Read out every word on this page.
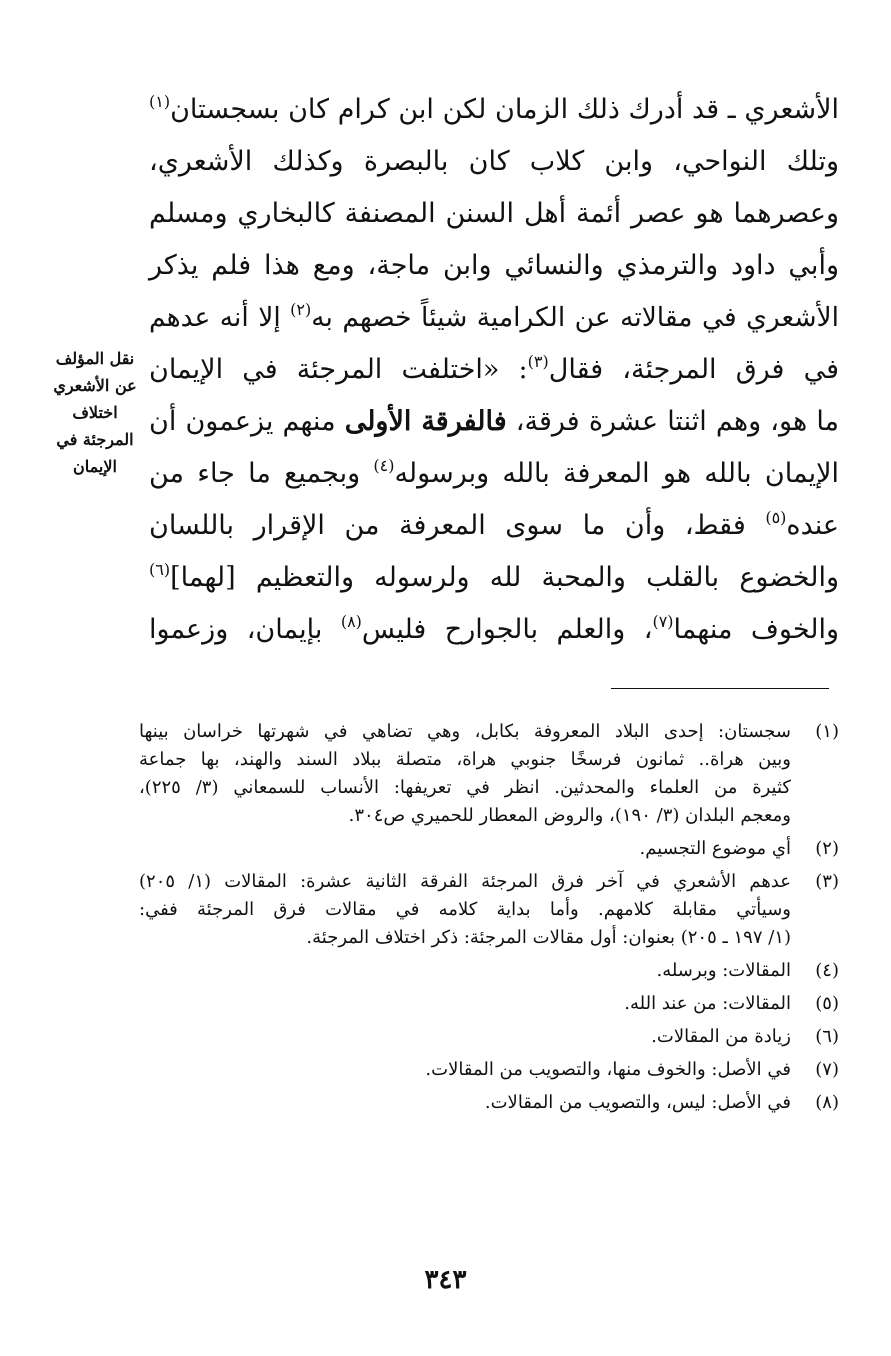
الأشعري ـ قد أدرك ذلك الزمان لكن ابن كرام كان بسجستان$^{(١)}$
وتلك النواحي، وابن كلاب كان بالبصرة وكذلك الأشعري،
وعصرهما هو عصر أئمة أهل السنن المصنفة كالبخاري ومسلم
وأبي داود والترمذي والنسائي وابن ماجة، ومع هذا فلم يذكر
الأشعري في مقالاته عن الكرامية شيئاً خصهم به$^{(٢)}$ إلا أنه عدهم
في فرق المرجئة، فقال$^{(٣)}$: «اختلفت المرجئة في الإيمان
ما هو، وهم اثنتا عشرة فرقة، فالفرقة الأولى منهم يزعمون أن
الإيمان بالله هو المعرفة بالله وبرسوله$^{(٤)}$ وبجميع ما جاء من
عنده$^{(٥)}$ فقط، وأن ما سوى المعرفة من الإقرار باللسان
والخضوع بالقلب والمحبة لله ولرسوله والتعظيم [لهما]$^{(٦)}$
والخوف منهما$^{(٧)}$، والعلم بالجوارح فليس$^{(٨)}$ بإيمان، وزعموا
نقل المؤلف
عن الأشعري
اختلاف
المرجئة في
الإيمان
(١)
سجستان: إحدى البلاد المعروفة بكابل، وهي تضاهي في شهرتها خراسان بينها
وبين هراة.. ثمانون فرسخًا جنوبي هراة، متصلة ببلاد السند والهند، بها جماعة
كثيرة من العلماء والمحدثين. انظر في تعريفها: الأنساب للسمعاني (٣/ ٢٢٥)،
ومعجم البلدان (٣/ ١٩٠)، والروض المعطار للحميري ص٣٠٤.
(٢)
أي موضوع التجسيم.
(٣)
عدهم الأشعري في آخر فرق المرجئة الفرقة الثانية عشرة: المقالات (١/ ٢٠٥)
وسيأتي مقابلة كلامهم. وأما بداية كلامه في مقالات فرق المرجئة ففي:
(١/ ١٩٧ ـ ٢٠٥) بعنوان: أول مقالات المرجئة: ذكر اختلاف المرجئة.
(٤)
المقالات: وبرسله.
(٥)
المقالات: من عند الله.
(٦)
زيادة من المقالات.
(٧)
في الأصل: والخوف منها، والتصويب من المقالات.
(٨)
في الأصل: ليس، والتصويب من المقالات.
٣٤٣
